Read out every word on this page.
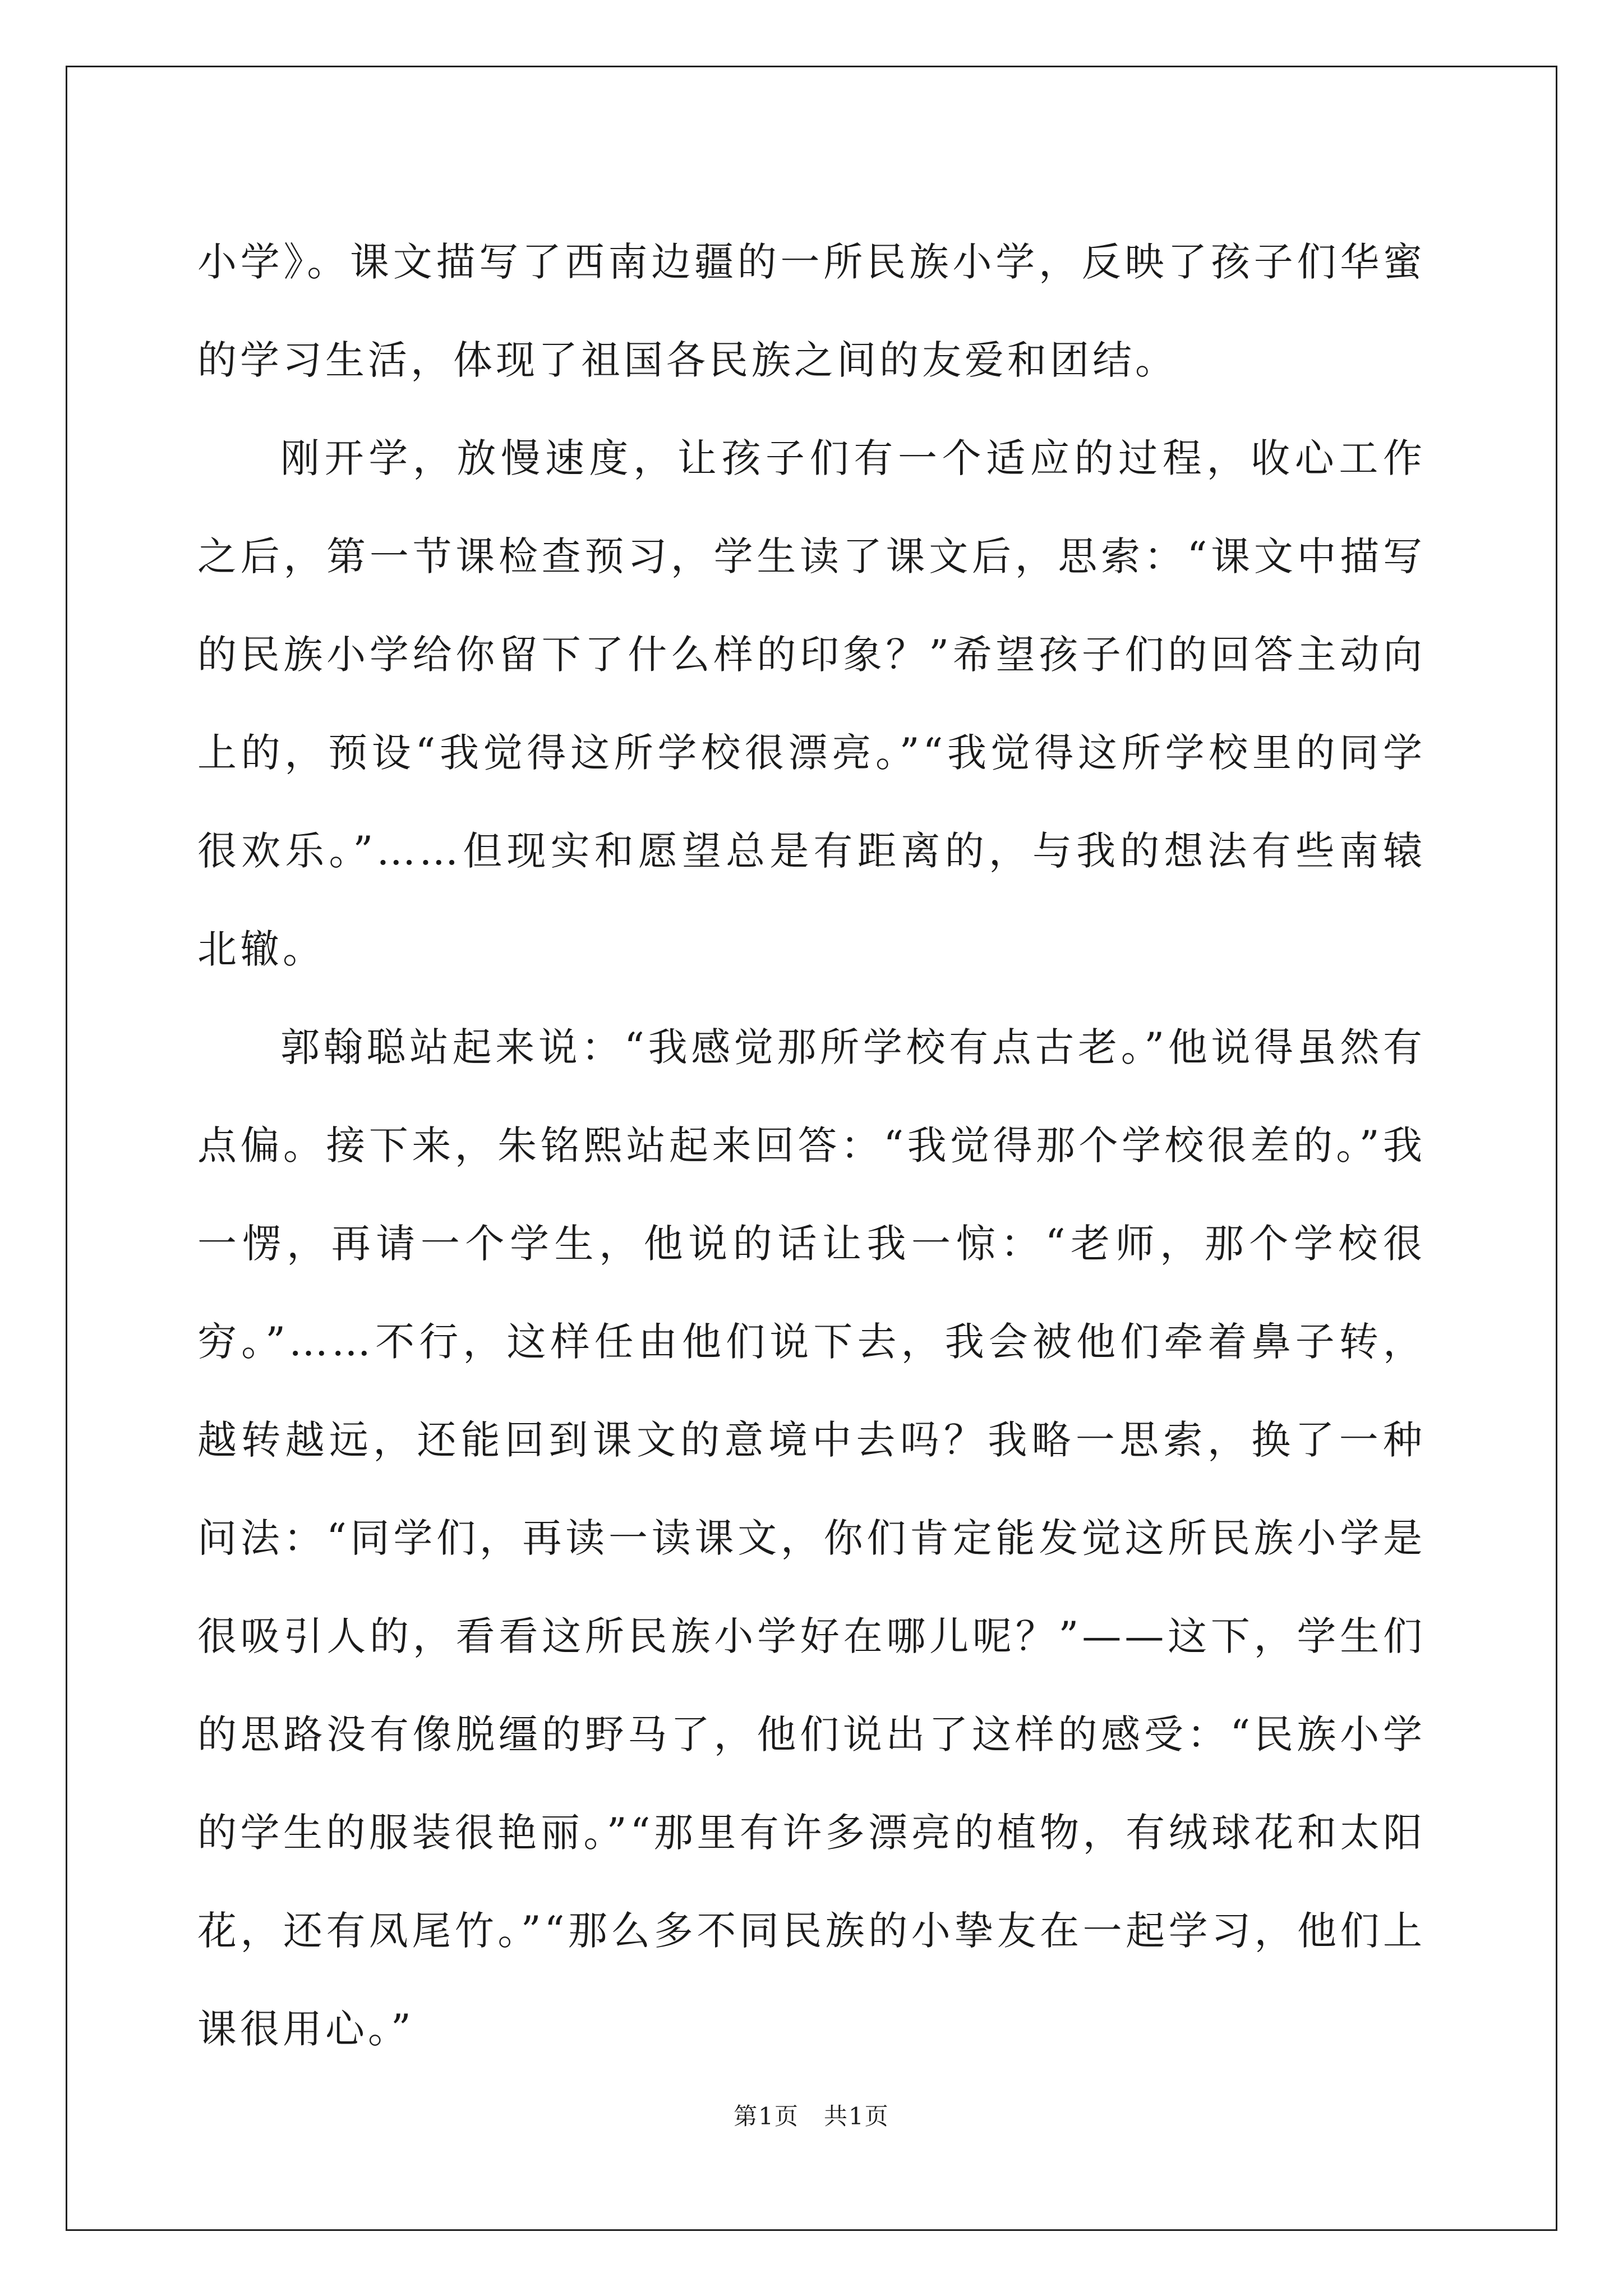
小学》。课文描写了西南边疆的一所民族小学，反映了孩子们华蜜的学习生活，体现了祖国各民族之间的友爱和团结。

刚开学，放慢速度，让孩子们有一个适应的过程，收心工作之后，第一节课检查预习，学生读了课文后，思索：“课文中描写的民族小学给你留下了什么样的印象？”希望孩子们的回答主动向上的，预设“我觉得这所学校很漂亮。”“我觉得这所学校里的同学很欢乐。”……但现实和愿望总是有距离的，与我的想法有些南辕北辙。

郭翰聪站起来说：“我感觉那所学校有点古老。”他说得虽然有点偏。接下来，朱铭熙站起来回答：“我觉得那个学校很差的。”我一愣，再请一个学生，他说的话让我一惊：“老师，那个学校很穷。”……不行，这样任由他们说下去，我会被他们牵着鼻子转，越转越远，还能回到课文的意境中去吗？我略一思索，换了一种问法：“同学们，再读一读课文，你们肯定能发觉这所民族小学是很吸引人的，看看这所民族小学好在哪儿呢？”——这下，学生们的思路没有像脱缰的野马了，他们说出了这样的感受：“民族小学的学生的服装很艳丽。”“那里有许多漂亮的植物，有绒球花和太阳花，还有凤尾竹。”“那么多不同民族的小挚友在一起学习，他们上课很用心。”

第1页　共1页
